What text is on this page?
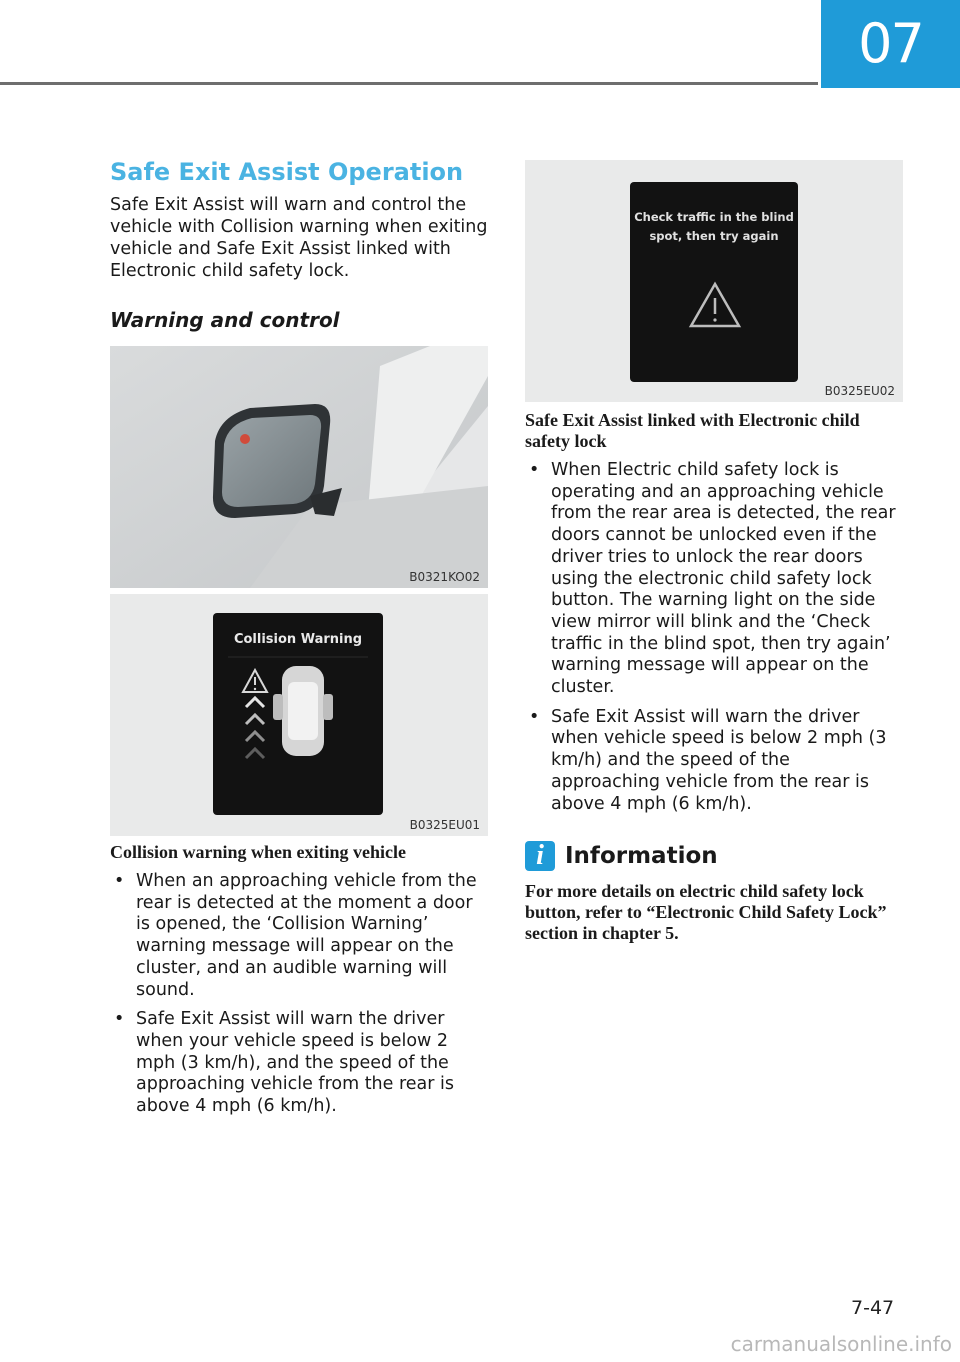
07
Safe Exit Assist Operation

Safe Exit Assist will warn and control the vehicle with Collision warning when exiting vehicle and Safe Exit Assist linked with Electronic child safety lock.

Warning and control
B0321KO02
Collision Warning
B0325EU01
Collision warning when exiting vehicle
• When an approaching vehicle from the rear is detected at the moment a door is opened, the ‘Collision Warning’ warning message will appear on the cluster, and an audible warning will sound.
• Safe Exit Assist will warn the driver when your vehicle speed is below 2 mph (3 km/h), and the speed of the approaching vehicle from the rear is above 4 mph (6 km/h).
Check traffic in the blind
spot, then try again
B0325EU02
Safe Exit Assist linked with Electronic child safety lock
• When Electric child safety lock is operating and an approaching vehicle from the rear area is detected, the rear doors cannot be unlocked even if the driver tries to unlock the rear doors using the electronic child safety lock button. The warning light on the side view mirror will blink and the ‘Check traffic in the blind spot, then try again’ warning message will appear on the cluster.
• Safe Exit Assist will warn the driver when vehicle speed is below 2 mph (3 km/h) and the speed of the approaching vehicle from the rear is above 4 mph (6 km/h).
i Information

For more details on electric child safety lock button, refer to “Electronic Child Safety Lock” section in chapter 5.

7-47
carmanualsonline.info
